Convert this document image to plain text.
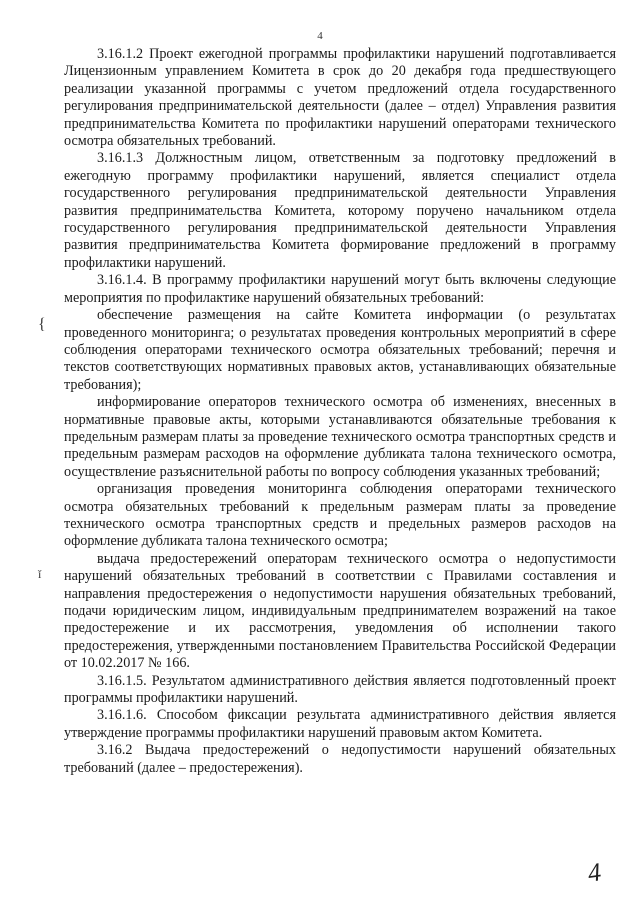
4

3.16.1.2 Проект ежегодной программы профилактики нарушений подготавливается Лицензионным управлением Комитета в срок до 20 декабря года предшествующего реализации указанной программы с учетом предложений отдела государственного регулирования предпринимательской деятельности (далее – отдел) Управления развития предпринимательства Комитета по профилактики нарушений операторами технического осмотра обязательных требований.

3.16.1.3 Должностным лицом, ответственным за подготовку предложений в ежегодную программу профилактики нарушений, является специалист отдела государственного регулирования предпринимательской деятельности Управления развития предпринимательства Комитета, которому поручено начальником отдела государственного регулирования предпринимательской деятельности Управления развития предпринимательства Комитета формирование предложений в программу профилактики нарушений.

3.16.1.4. В программу профилактики нарушений могут быть включены следующие мероприятия по профилактике нарушений обязательных требований:

обеспечение размещения на сайте Комитета информации (о результатах проведенного мониторинга; о результатах проведения контрольных мероприятий в сфере соблюдения операторами технического осмотра обязательных требований; перечня и текстов соответствующих нормативных правовых актов, устанавливающих обязательные требования);

информирование операторов технического осмотра об изменениях, внесенных в нормативные правовые акты, которыми устанавливаются обязательные требования к предельным размерам платы за проведение технического осмотра транспортных средств и предельным размерам расходов на оформление дубликата талона технического осмотра, осуществление разъяснительной работы по вопросу соблюдения указанных требований;

организация проведения мониторинга соблюдения операторами технического осмотра обязательных требований к предельным размерам платы за проведение технического осмотра транспортных средств и предельных размеров расходов на оформление дубликата талона технического осмотра;

выдача предостережений операторам технического осмотра о недопустимости нарушений обязательных требований в соответствии с Правилами составления и направления предостережения о недопустимости нарушения обязательных требований, подачи юридическим лицом, индивидуальным предпринимателем возражений на такое предостережение и их рассмотрения, уведомления об исполнении такого предостережения, утвержденными постановлением Правительства Российской Федерации от 10.02.2017 № 166.

3.16.1.5. Результатом административного действия является подготовленный проект программы профилактики нарушений.

3.16.1.6. Способом фиксации результата административного действия является утверждение программы профилактики нарушений правовым актом Комитета.

3.16.2 Выдача предостережений о недопустимости нарушений обязательных требований (далее – предостережения).

{
ǐ
4
